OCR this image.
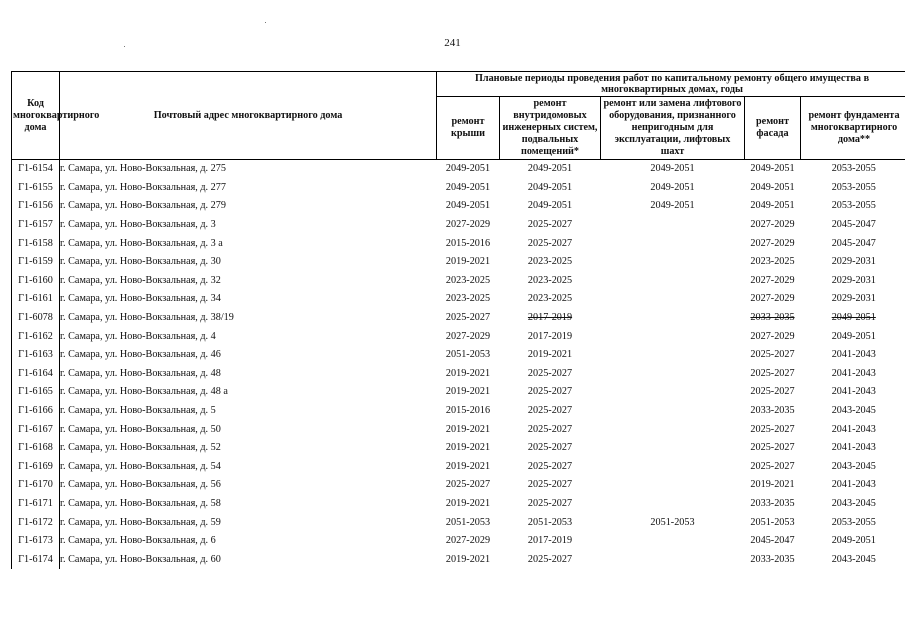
241
Код многоквартирного дома	Почтовый адрес многоквартирного дома	Плановые периоды проведения работ по капитальному ремонту общего имущества в многоквартирных домах, годы				
		ремонт крыши	ремонт внутридомовых инженерных систем, подвальных помещений*	ремонт или замена лифтового оборудования, признанного непригодным для эксплуатации, лифтовых шахт	ремонт фасада	ремонт фундамента многоквартирного дома**
Г1-6154	г. Самара, ул. Ново-Вокзальная, д. 275	2049-2051	2049-2051	2049-2051	2049-2051	2053-2055
Г1-6155	г. Самара, ул. Ново-Вокзальная, д. 277	2049-2051	2049-2051	2049-2051	2049-2051	2053-2055
Г1-6156	г. Самара, ул. Ново-Вокзальная, д. 279	2049-2051	2049-2051	2049-2051	2049-2051	2053-2055
Г1-6157	г. Самара, ул. Ново-Вокзальная, д. 3	2027-2029	2025-2027		2027-2029	2045-2047
Г1-6158	г. Самара, ул. Ново-Вокзальная, д. 3 а	2015-2016	2025-2027		2027-2029	2045-2047
Г1-6159	г. Самара, ул. Ново-Вокзальная, д. 30	2019-2021	2023-2025		2023-2025	2029-2031
Г1-6160	г. Самара, ул. Ново-Вокзальная, д. 32	2023-2025	2023-2025		2027-2029	2029-2031
Г1-6161	г. Самара, ул. Ново-Вокзальная, д. 34	2023-2025	2023-2025		2027-2029	2029-2031
Г1-6078	г. Самара, ул. Ново-Вокзальная, д. 38/19	2025-2027	2017-2019		2033-2035	2049-2051
Г1-6162	г. Самара, ул. Ново-Вокзальная, д. 4	2027-2029	2017-2019		2027-2029	2049-2051
Г1-6163	г. Самара, ул. Ново-Вокзальная, д. 46	2051-2053	2019-2021		2025-2027	2041-2043
Г1-6164	г. Самара, ул. Ново-Вокзальная, д. 48	2019-2021	2025-2027		2025-2027	2041-2043
Г1-6165	г. Самара, ул. Ново-Вокзальная, д. 48 а	2019-2021	2025-2027		2025-2027	2041-2043
Г1-6166	г. Самара, ул. Ново-Вокзальная, д. 5	2015-2016	2025-2027		2033-2035	2043-2045
Г1-6167	г. Самара, ул. Ново-Вокзальная, д. 50	2019-2021	2025-2027		2025-2027	2041-2043
Г1-6168	г. Самара, ул. Ново-Вокзальная, д. 52	2019-2021	2025-2027		2025-2027	2041-2043
Г1-6169	г. Самара, ул. Ново-Вокзальная, д. 54	2019-2021	2025-2027		2025-2027	2043-2045
Г1-6170	г. Самара, ул. Ново-Вокзальная, д. 56	2025-2027	2025-2027		2019-2021	2041-2043
Г1-6171	г. Самара, ул. Ново-Вокзальная, д. 58	2019-2021	2025-2027		2033-2035	2043-2045
Г1-6172	г. Самара, ул. Ново-Вокзальная, д. 59	2051-2053	2051-2053	2051-2053	2051-2053	2053-2055
Г1-6173	г. Самара, ул. Ново-Вокзальная, д. 6	2027-2029	2017-2019		2045-2047	2049-2051
Г1-6174	г. Самара, ул. Ново-Вокзальная, д. 60	2019-2021	2025-2027		2033-2035	2043-2045
